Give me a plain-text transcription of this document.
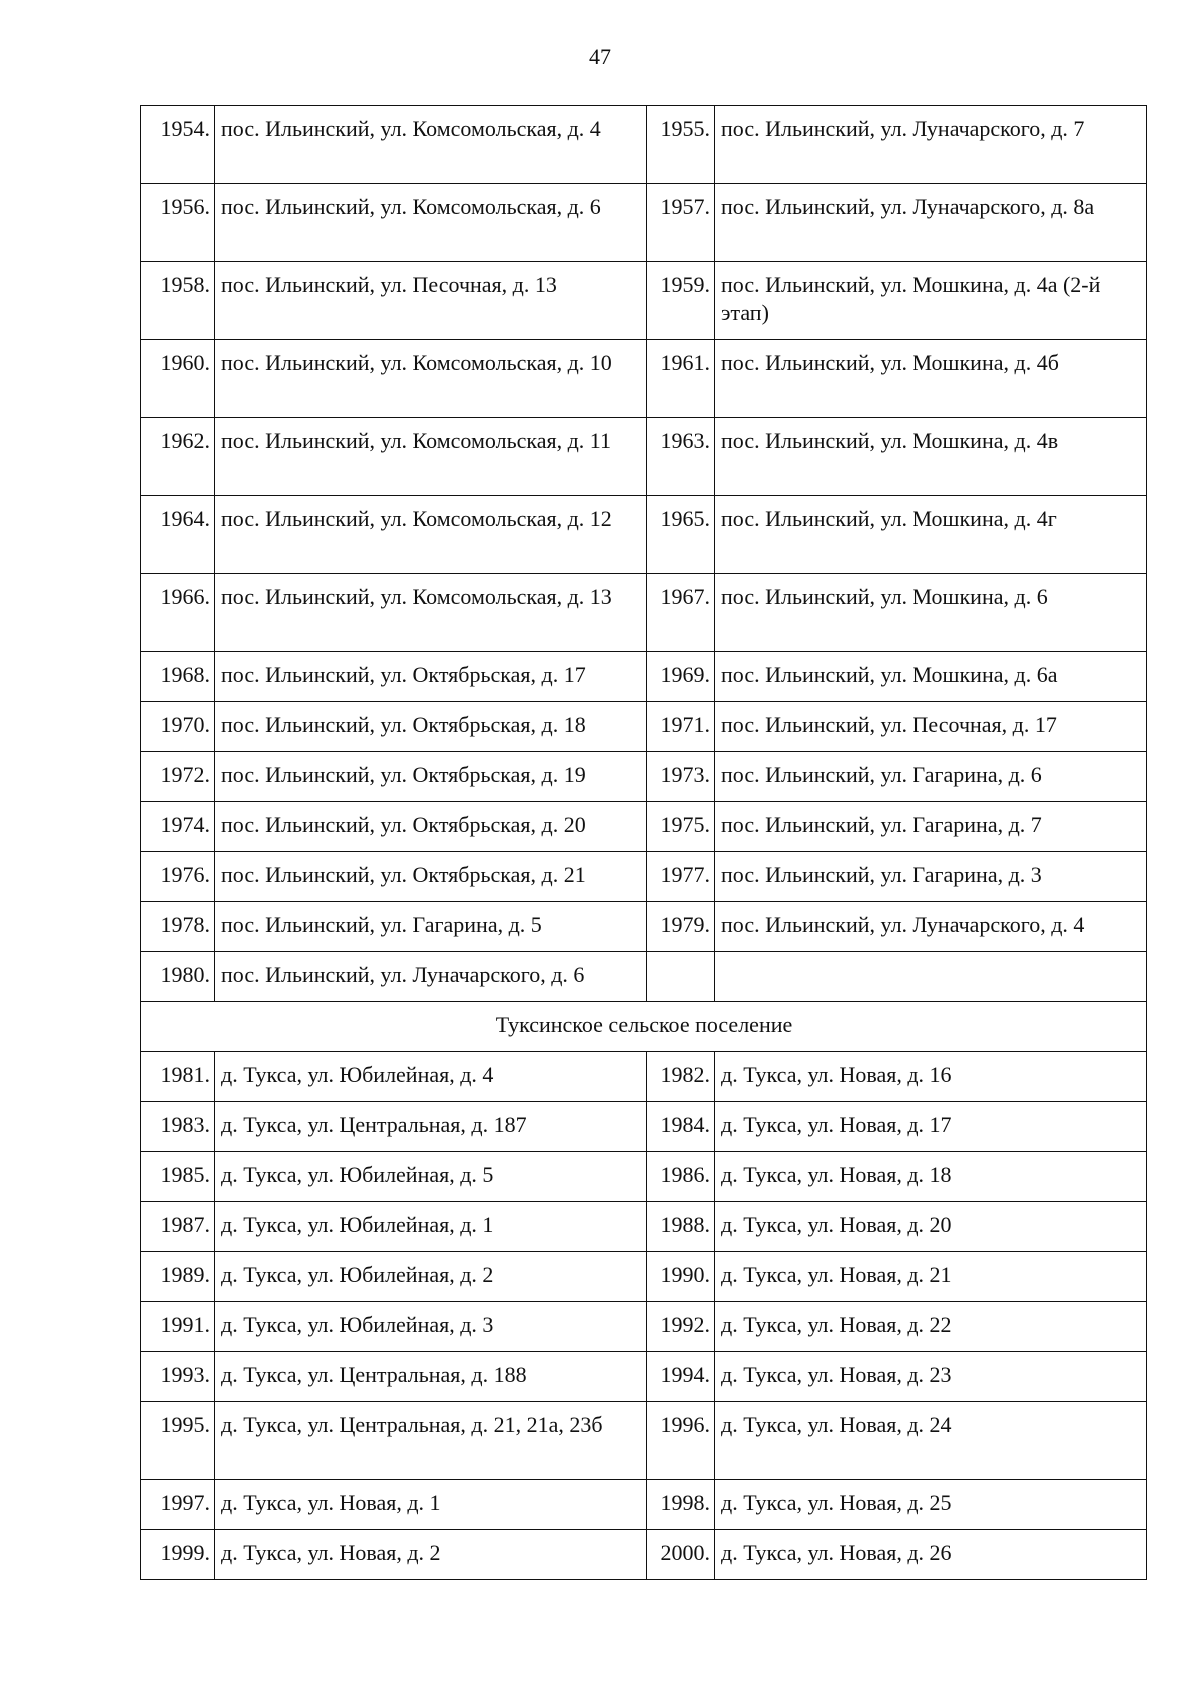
47
1954.	пос. Ильинский, ул. Комсомольская, д. 4	1955.	пос. Ильинский, ул. Луначарского, д. 7
1956.	пос. Ильинский, ул. Комсомольская, д. 6	1957.	пос. Ильинский, ул. Луначарского, д. 8а
1958.	пос. Ильинский, ул. Песочная, д. 13	1959.	пос. Ильинский, ул. Мошкина, д. 4а (2-й этап)
1960.	пос. Ильинский, ул. Комсомольская, д. 10	1961.	пос. Ильинский, ул. Мошкина, д. 4б
1962.	пос. Ильинский, ул. Комсомольская, д. 11	1963.	пос. Ильинский, ул. Мошкина, д. 4в
1964.	пос. Ильинский, ул. Комсомольская, д. 12	1965.	пос. Ильинский, ул. Мошкина, д. 4г
1966.	пос. Ильинский, ул. Комсомольская, д. 13	1967.	пос. Ильинский, ул. Мошкина, д. 6
1968.	пос. Ильинский, ул. Октябрьская, д. 17	1969.	пос. Ильинский, ул. Мошкина, д. 6а
1970.	пос. Ильинский, ул. Октябрьская, д. 18	1971.	пос. Ильинский, ул. Песочная, д. 17
1972.	пос. Ильинский, ул. Октябрьская, д. 19	1973.	пос. Ильинский, ул. Гагарина, д. 6
1974.	пос. Ильинский, ул. Октябрьская, д. 20	1975.	пос. Ильинский, ул. Гагарина, д. 7
1976.	пос. Ильинский, ул. Октябрьская, д. 21	1977.	пос. Ильинский, ул. Гагарина, д. 3
1978.	пос. Ильинский, ул. Гагарина, д. 5	1979.	пос. Ильинский, ул. Луначарского, д. 4
1980.	пос. Ильинский, ул. Луначарского, д. 6		
Туксинское сельское поселение			
1981.	д. Тукса, ул. Юбилейная, д. 4	1982.	д. Тукса, ул. Новая, д. 16
1983.	д. Тукса, ул. Центральная, д. 187	1984.	д. Тукса, ул. Новая, д. 17
1985.	д. Тукса, ул. Юбилейная, д. 5	1986.	д. Тукса, ул. Новая, д. 18
1987.	д. Тукса, ул. Юбилейная, д. 1	1988.	д. Тукса, ул. Новая, д. 20
1989.	д. Тукса, ул. Юбилейная, д. 2	1990.	д. Тукса, ул. Новая, д. 21
1991.	д. Тукса, ул. Юбилейная, д. 3	1992.	д. Тукса, ул. Новая, д. 22
1993.	д. Тукса, ул. Центральная, д. 188	1994.	д. Тукса, ул. Новая, д. 23
1995.	д. Тукса, ул. Центральная, д. 21, 21а, 23б	1996.	д. Тукса, ул. Новая, д. 24
1997.	д. Тукса, ул. Новая, д. 1	1998.	д. Тукса, ул. Новая, д. 25
1999.	д. Тукса, ул. Новая, д. 2	2000.	д. Тукса, ул. Новая, д. 26
